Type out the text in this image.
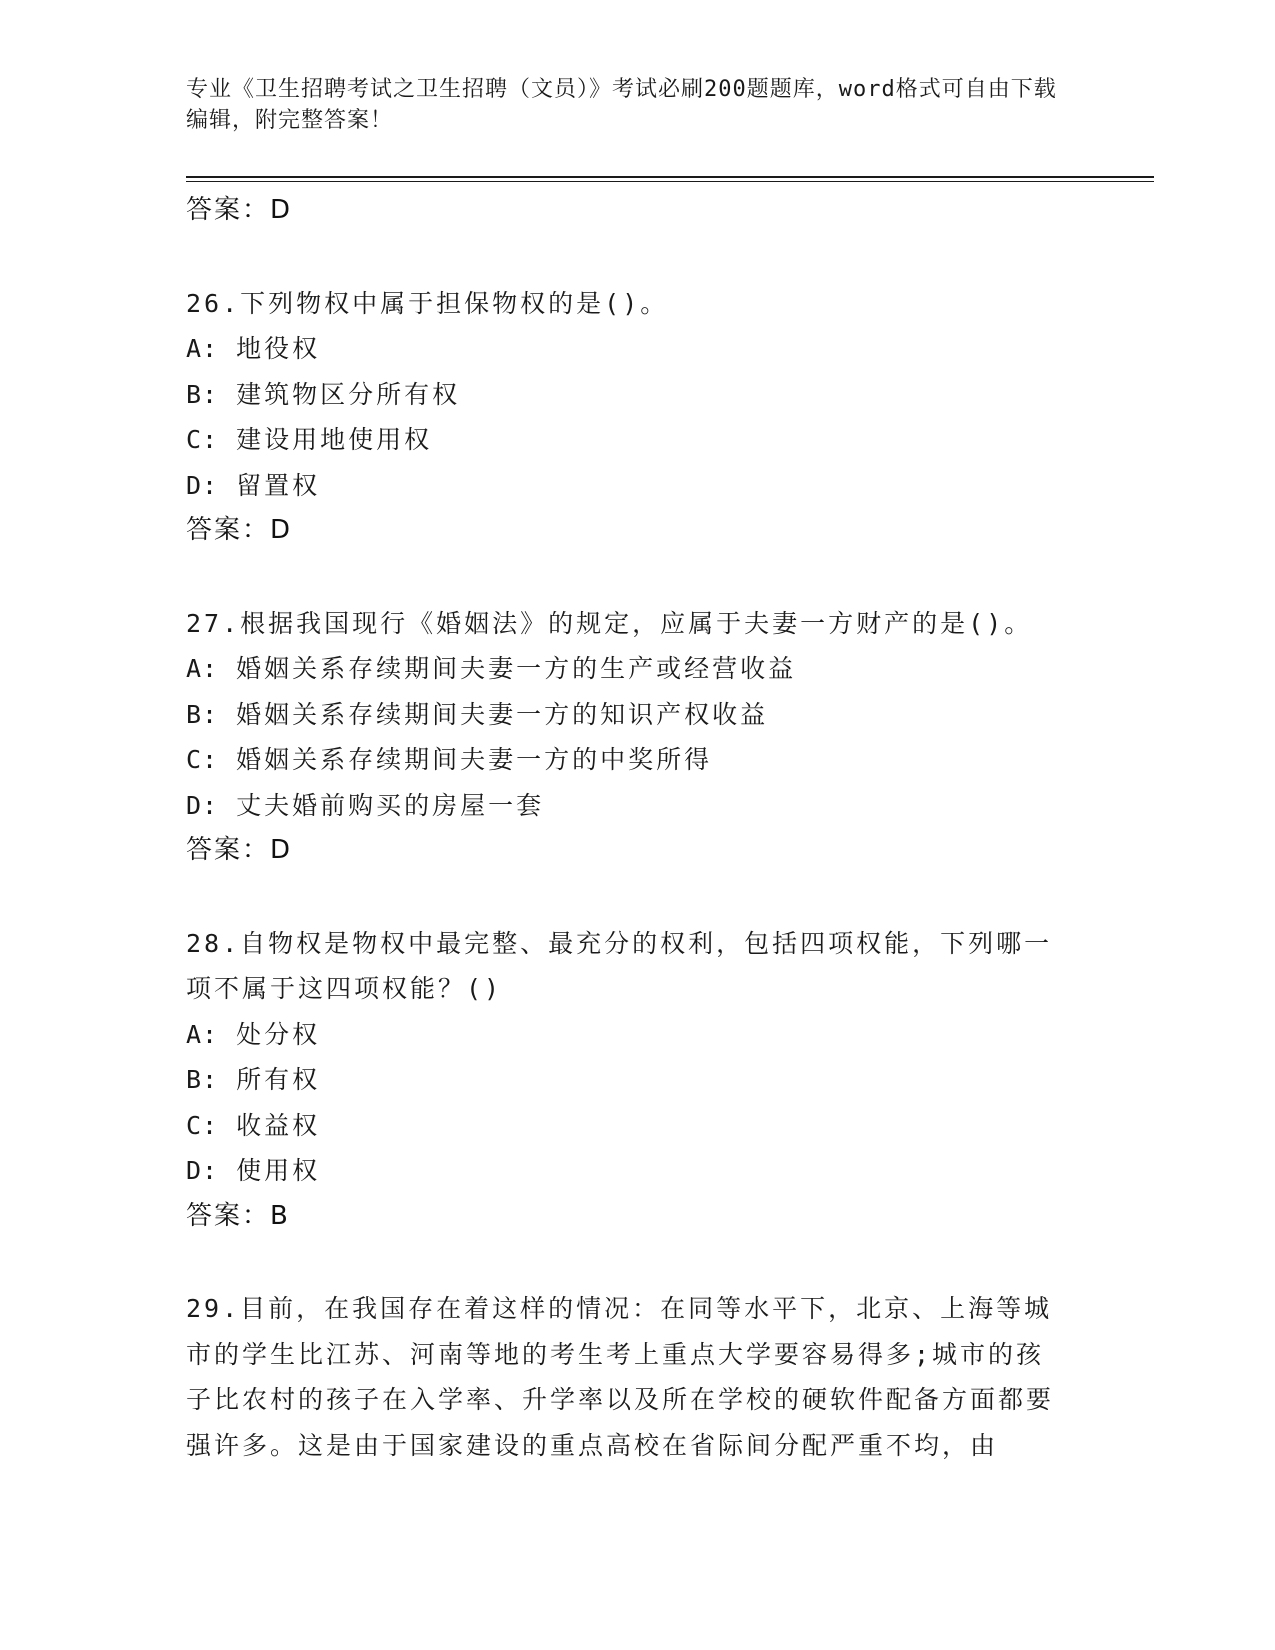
专业《卫生招聘考试之卫生招聘（文员）》考试必刷200题题库，word格式可自由下载编辑，附完整答案！
答案：D
26.下列物权中属于担保物权的是()。
A: 地役权
B: 建筑物区分所有权
C: 建设用地使用权
D: 留置权
答案：D
27.根据我国现行《婚姻法》的规定，应属于夫妻一方财产的是()。
A: 婚姻关系存续期间夫妻一方的生产或经营收益
B: 婚姻关系存续期间夫妻一方的知识产权收益
C: 婚姻关系存续期间夫妻一方的中奖所得
D: 丈夫婚前购买的房屋一套
答案：D
28.自物权是物权中最完整、最充分的权利，包括四项权能，下列哪一项不属于这四项权能？()
A: 处分权
B: 所有权
C: 收益权
D: 使用权
答案：B
29.目前，在我国存在着这样的情况：在同等水平下，北京、上海等城市的学生比江苏、河南等地的考生考上重点大学要容易得多;城市的孩子比农村的孩子在入学率、升学率以及所在学校的硬软件配备方面都要强许多。这是由于国家建设的重点高校在省际间分配严重不均，由
